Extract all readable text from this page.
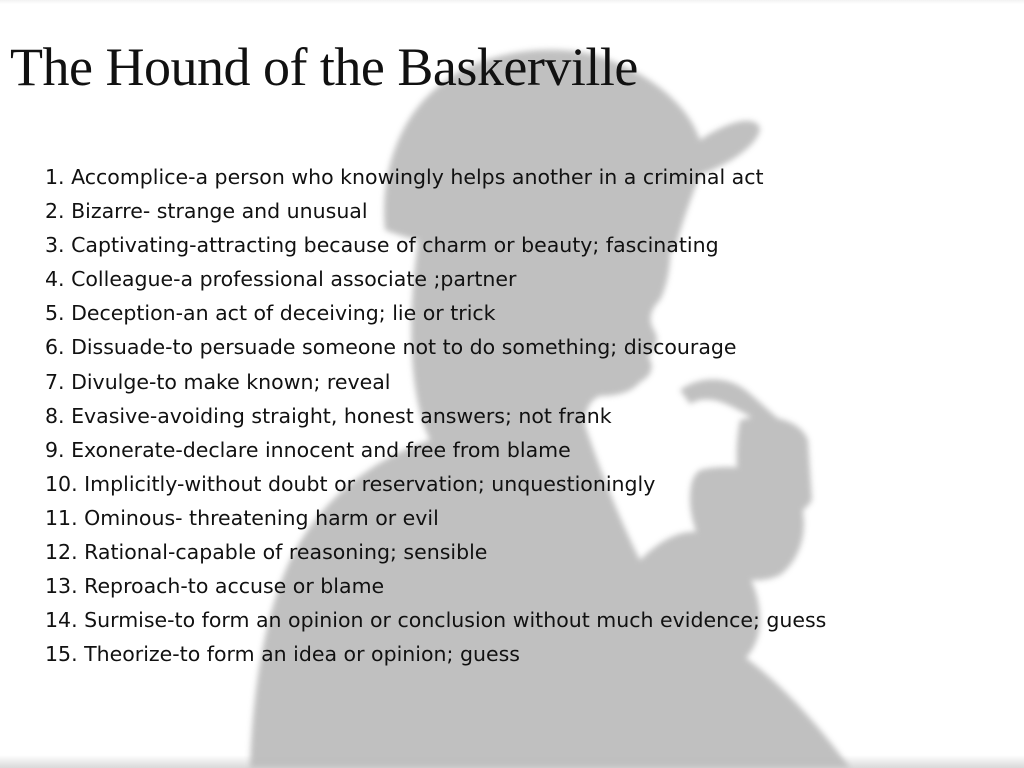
The Hound of the Baskerville
1. Accomplice-a person who knowingly helps another in a criminal act
2. Bizarre- strange and unusual
3. Captivating-attracting because of charm or beauty; fascinating
4. Colleague-a professional associate ;partner
5. Deception-an act of deceiving; lie or trick
6. Dissuade-to persuade someone not to do something; discourage
7. Divulge-to make known; reveal
8. Evasive-avoiding straight, honest answers; not frank
9. Exonerate-declare innocent and free from blame
10. Implicitly-without doubt or reservation; unquestioningly
11. Ominous- threatening harm or evil
12. Rational-capable of reasoning; sensible
13. Reproach-to accuse or blame
14. Surmise-to form an opinion or conclusion without much evidence; guess
15. Theorize-to form an idea or opinion; guess
